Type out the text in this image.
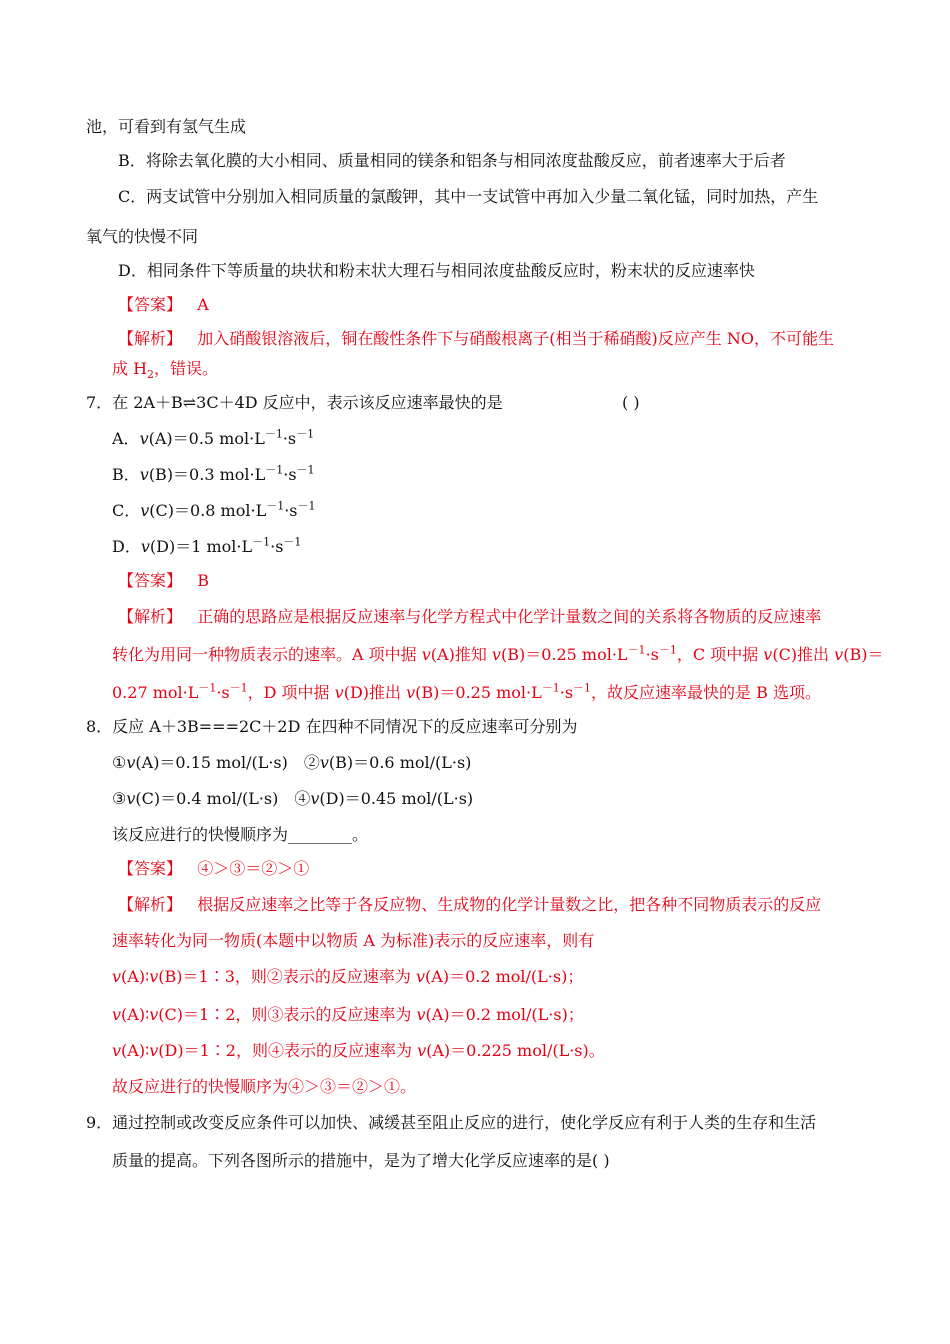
池，可看到有氢气生成
B．将除去氧化膜的大小相同、质量相同的镁条和铝条与相同浓度盐酸反应，前者速率大于后者
C．两支试管中分别加入相同质量的氯酸钾，其中一支试管中再加入少量二氧化锰，同时加热，产生
氧气的快慢不同
D．相同条件下等质量的块状和粉末状大理石与相同浓度盐酸反应时，粉末状的反应速率快
【答案】 A
【解析】 加入硝酸银溶液后，铜在酸性条件下与硝酸根离子(相当于稀硝酸)反应产生 NO，不可能生
成 $H_2$，错误。
7．在 2A＋B⇌3C＋4D 反应中，表示该反应速率最快的是	( )
A．v(A)＝0.5 $mol\cdot L^{-1}\cdot s^{-1}$
B．v(B)＝0.3 $mol\cdot L^{-1}\cdot s^{-1}$
C．v(C)＝0.8 $mol\cdot L^{-1}\cdot s^{-1}$
D．v(D)＝1 $mol\cdot L^{-1}\cdot s^{-1}$
【答案】 B
【解析】 正确的思路应是根据反应速率与化学方程式中化学计量数之间的关系将各物质的反应速率
转化为用同一种物质表示的速率。A 项中据 v(A)推知 v(B)＝0.25 $mol\cdot L^{-1}\cdot s^{-1}$，C 项中据 v(C)推出 v(B)＝
0.27 $mol\cdot L^{-1}\cdot s^{-1}$，D 项中据 v(D)推出 v(B)＝0.25 $mol\cdot L^{-1}\cdot s^{-1}$，故反应速率最快的是 B 选项。
8．反应 A＋3B===2C＋2D 在四种不同情况下的反应速率可分别为
①v(A)＝0.15 mol/(L·s)　②v(B)＝0.6 mol/(L·s)
③v(C)＝0.4 mol/(L·s)　④v(D)＝0.45 mol/(L·s)
该反应进行的快慢顺序为________。
【答案】 ④＞③＝②＞①
【解析】 根据反应速率之比等于各反应物、生成物的化学计量数之比，把各种不同物质表示的反应
速率转化为同一物质(本题中以物质 A 为标准)表示的反应速率，则有
v(A)∶v(B)＝1∶3，则②表示的反应速率为 v(A)＝0.2 mol/(L·s)；
v(A)∶v(C)＝1∶2，则③表示的反应速率为 v(A)＝0.2 mol/(L·s)；
v(A)∶v(D)＝1∶2，则④表示的反应速率为 v(A)＝0.225 mol/(L·s)。
故反应进行的快慢顺序为④＞③＝②＞①。
9．通过控制或改变反应条件可以加快、减缓甚至阻止反应的进行，使化学反应有利于人类的生存和生活
质量的提高。下列各图所示的措施中，是为了增大化学反应速率的是( )
